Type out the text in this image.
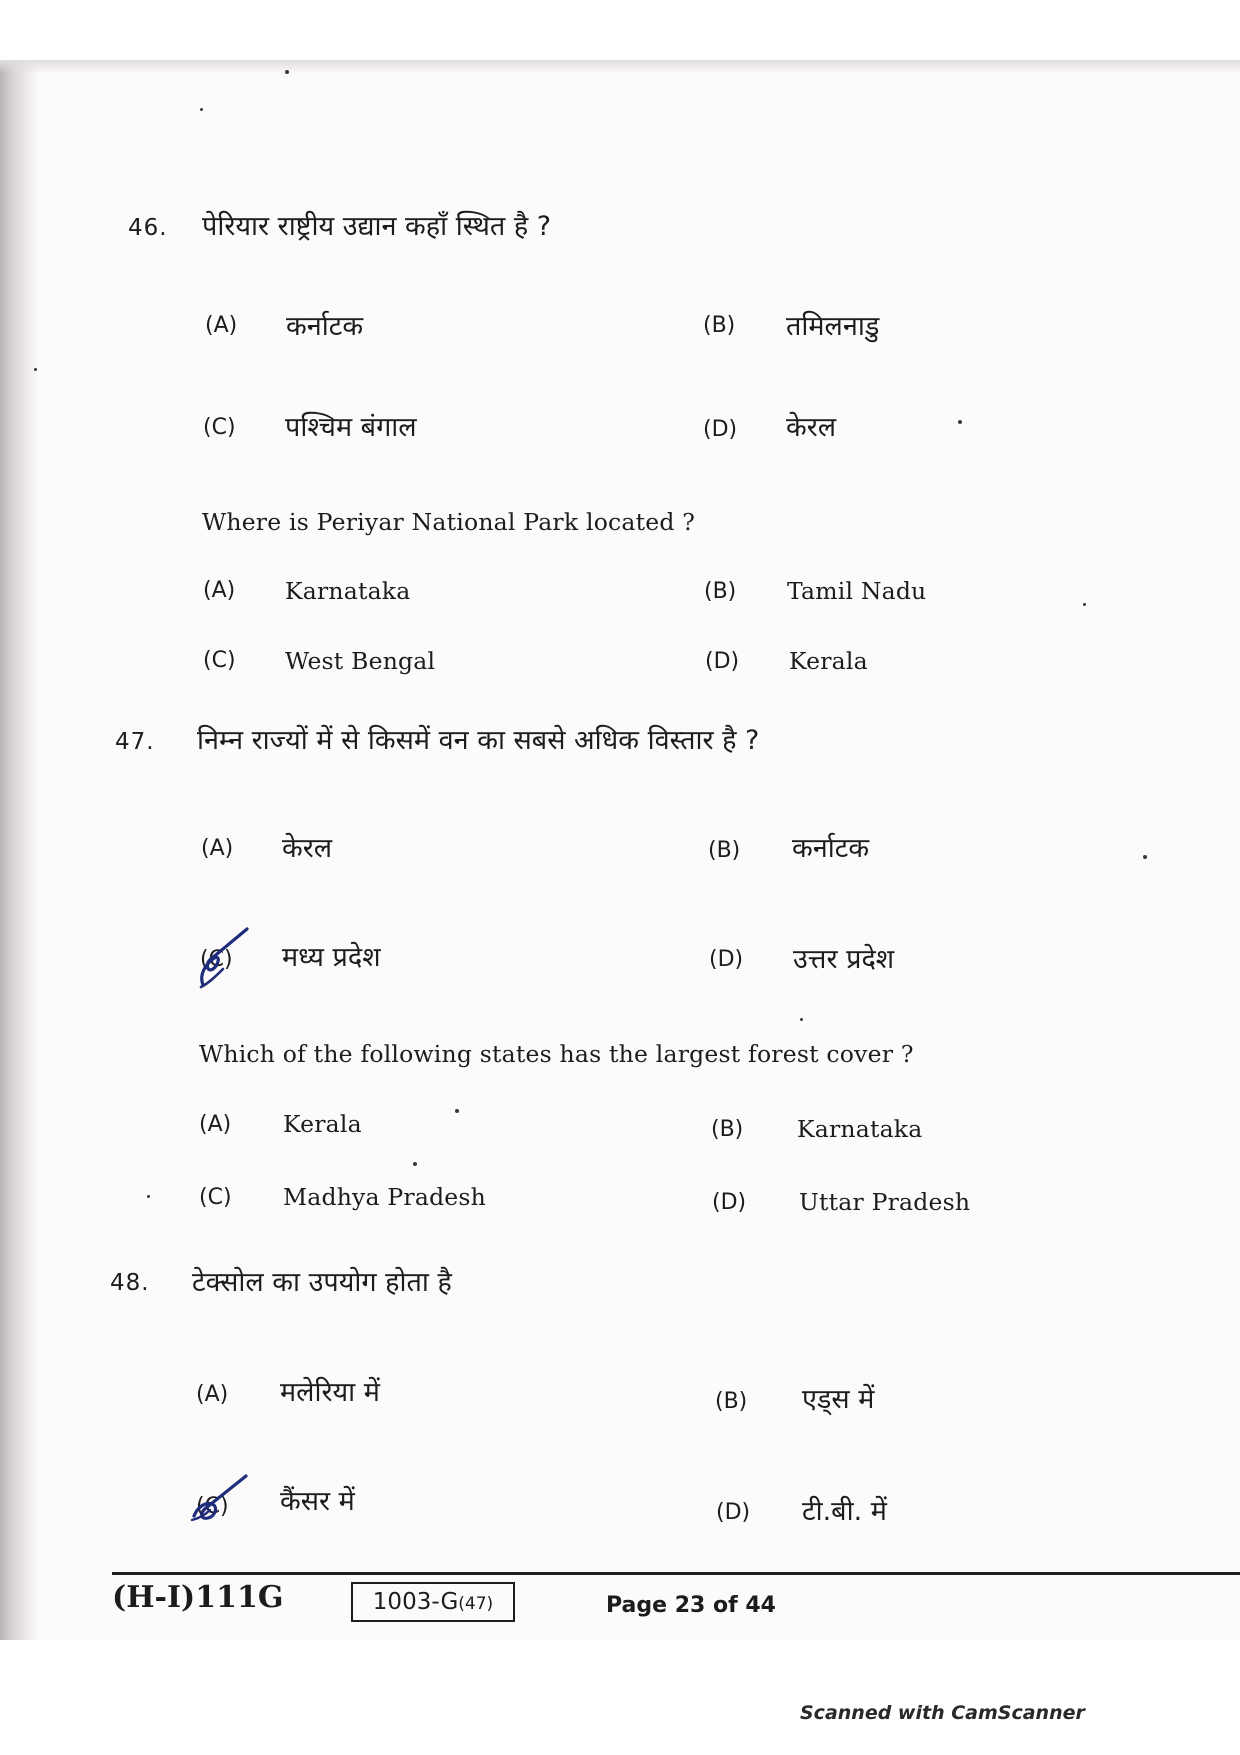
46. पेरियार राष्ट्रीय उद्यान कहाँ स्थित है ?
(A) कर्नाटक	(B) तमिलनाडु
(C) पश्चिम बंगाल	(D) केरल
Where is Periyar National Park located ?
(A) Karnataka	(B) Tamil Nadu
(C) West Bengal	(D) Kerala
47. निम्न राज्यों में से किसमें वन का सबसे अधिक विस्तार है ?
(A) केरल	(B) कर्नाटक
(C) मध्य प्रदेश	(D) उत्तर प्रदेश
Which of the following states has the largest forest cover ?
(A) Kerala	(B) Karnataka
(C) Madhya Pradesh	(D) Uttar Pradesh
48. टेक्सोल का उपयोग होता है
(A) मलेरिया में	(B) एड्स में
(C) कैंसर में	(D) टी.बी. में
(H-I)111G	1003-G(47)	Page 23 of 44
Scanned with CamScanner
